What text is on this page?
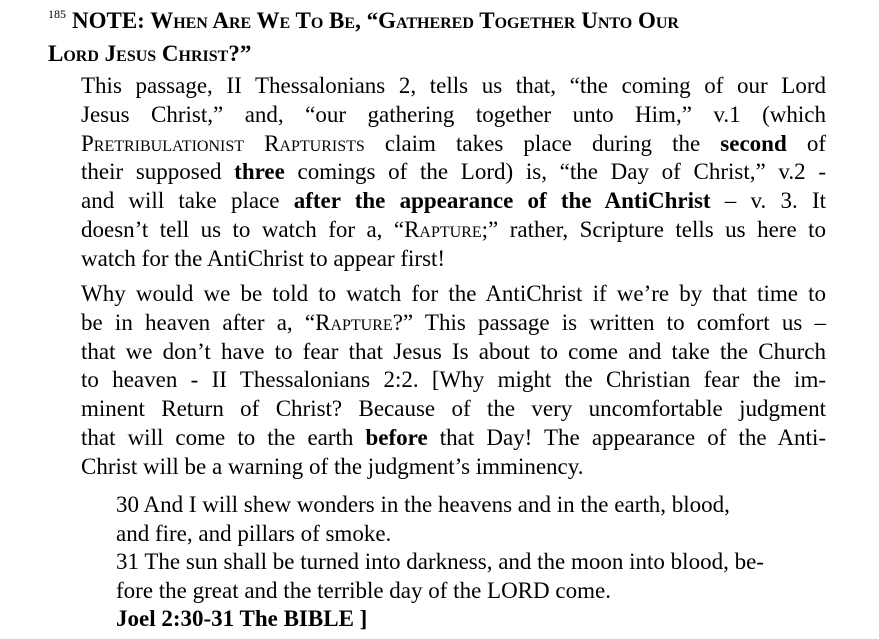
$^{185}$ NOTE: When Are We To Be, “Gathered Together Unto Our
Lord Jesus Christ?”
This passage, II Thessalonians 2, tells us that, “the coming of our Lord
Jesus Christ,” and, “our gathering together unto Him,” v.1 (which
Pretribulationist Rapturists claim takes place during the second of
their supposed three comings of the Lord) is, “the Day of Christ,” v.2 -
and will take place after the appearance of the AntiChrist – v. 3. It
doesn’t tell us to watch for a, “Rapture;” rather, Scripture tells us here to
watch for the AntiChrist to appear first!
Why would we be told to watch for the AntiChrist if we’re by that time to
be in heaven after a, “Rapture?” This passage is written to comfort us –
that we don’t have to fear that Jesus Is about to come and take the Church
to heaven - II Thessalonians 2:2. [Why might the Christian fear the im-
minent Return of Christ? Because of the very uncomfortable judgment
that will come to the earth before that Day! The appearance of the Anti-
Christ will be a warning of the judgment’s imminency.
30 And I will shew wonders in the heavens and in the earth, blood,
and fire, and pillars of smoke.
31 The sun shall be turned into darkness, and the moon into blood, be-
fore the great and the terrible day of the LORD come.
Joel 2:30-31 The BIBLE ]
